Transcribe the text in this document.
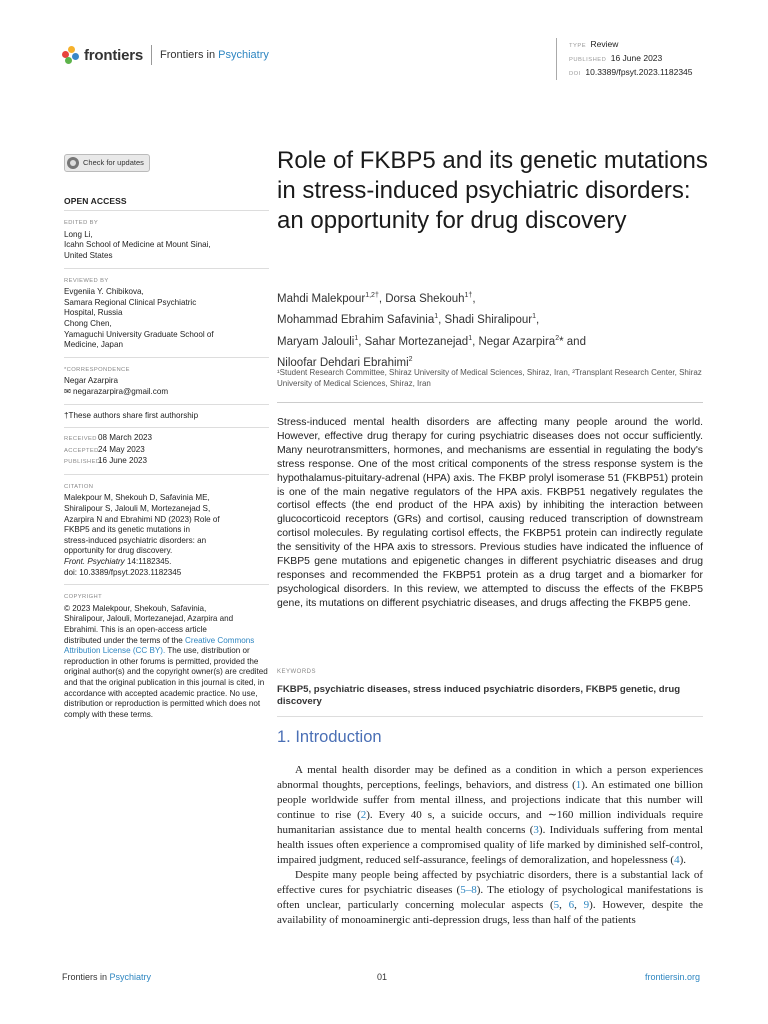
frontiers Frontiers in Psychiatry
TYPE Review
PUBLISHED 16 June 2023
DOI 10.3389/fpsyt.2023.1182345
Check for updates
OPEN ACCESS
EDITED BY
Long Li,
Icahn School of Medicine at Mount Sinai,
United States
REVIEWED BY
Evgeniia Y. Chibikova,
Samara Regional Clinical Psychiatric
Hospital, Russia
Chong Chen,
Yamaguchi University Graduate School of
Medicine, Japan
*CORRESPONDENCE
Negar Azarpira
✉ negarazarpira@gmail.com
†These authors share first authorship
RECEIVED08 March 2023
ACCEPTED24 May 2023
PUBLISHED16 June 2023
CITATION
Malekpour M, Shekouh D, Safavinia ME,
Shiralipour S, Jalouli M, Mortezanejad S,
Azarpira N and Ebrahimi ND (2023) Role of
FKBP5 and its genetic mutations in
stress-induced psychiatric disorders: an
opportunity for drug discovery.
Front. Psychiatry 14:1182345.
doi: 10.3389/fpsyt.2023.1182345
COPYRIGHT
© 2023 Malekpour, Shekouh, Safavinia,
Shiralipour, Jalouli, Mortezanejad, Azarpira and
Ebrahimi. This is an open-access article
distributed under the terms of the Creative Commons Attribution License (CC BY). The use, distribution or reproduction in other forums is permitted, provided the original author(s) and the copyright owner(s) are credited and that the original publication in this journal is cited, in accordance with accepted academic practice. No use, distribution or reproduction is permitted which does not comply with these terms.
Role of FKBP5 and its genetic mutations in stress-induced psychiatric disorders: an opportunity for drug discovery
Mahdi Malekpour$^{1,2\dagger}$, Dorsa Shekouh$^{1\dagger}$,
Mohammad Ebrahim Safavinia$^1$, Shadi Shiralipour$^1$,
Maryam Jalouli$^1$, Sahar Mortezanejad$^1$, Negar Azarpira$^2$* and
Niloofar Dehdari Ebrahimi$^2$
¹Student Research Committee, Shiraz University of Medical Sciences, Shiraz, Iran, ²Transplant Research Center, Shiraz University of Medical Sciences, Shiraz, Iran
Stress-induced mental health disorders are affecting many people around the world. However, effective drug therapy for curing psychiatric diseases does not occur sufficiently. Many neurotransmitters, hormones, and mechanisms are essential in regulating the body's stress response. One of the most critical components of the stress response system is the hypothalamus-pituitary-adrenal (HPA) axis. The FKBP prolyl isomerase 51 (FKBP51) protein is one of the main negative regulators of the HPA axis. FKBP51 negatively regulates the cortisol effects (the end product of the HPA axis) by inhibiting the interaction between glucocorticoid receptors (GRs) and cortisol, causing reduced transcription of downstream cortisol molecules. By regulating cortisol effects, the FKBP51 protein can indirectly regulate the sensitivity of the HPA axis to stressors. Previous studies have indicated the influence of FKBP5 gene mutations and epigenetic changes in different psychiatric diseases and drug responses and recommended the FKBP51 protein as a drug target and a biomarker for psychological disorders. In this review, we attempted to discuss the effects of the FKBP5 gene, its mutations on different psychiatric diseases, and drugs affecting the FKBP5 gene.
KEYWORDS
FKBP5, psychiatric diseases, stress induced psychiatric disorders, FKBP5 genetic, drug discovery
1. Introduction

A mental health disorder may be defined as a condition in which a person experiences abnormal thoughts, perceptions, feelings, behaviors, and distress (1). An estimated one billion people worldwide suffer from mental illness, and projections indicate that this number will continue to rise (2). Every 40 s, a suicide occurs, and ∼160 million individuals require humanitarian assistance due to mental health concerns (3). Individuals suffering from mental health issues often experience a compromised quality of life marked by diminished self-control, impaired judgment, reduced self-assurance, feelings of demoralization, and hopelessness (4).

Despite many people being affected by psychiatric disorders, there is a substantial lack of effective cures for psychiatric diseases (5–8). The etiology of psychological manifestations is often unclear, particularly concerning molecular aspects (5, 6, 9). However, despite the availability of monoaminergic anti-depression drugs, less than half of the patients

Frontiers in Psychiatry	01	frontiersin.org
